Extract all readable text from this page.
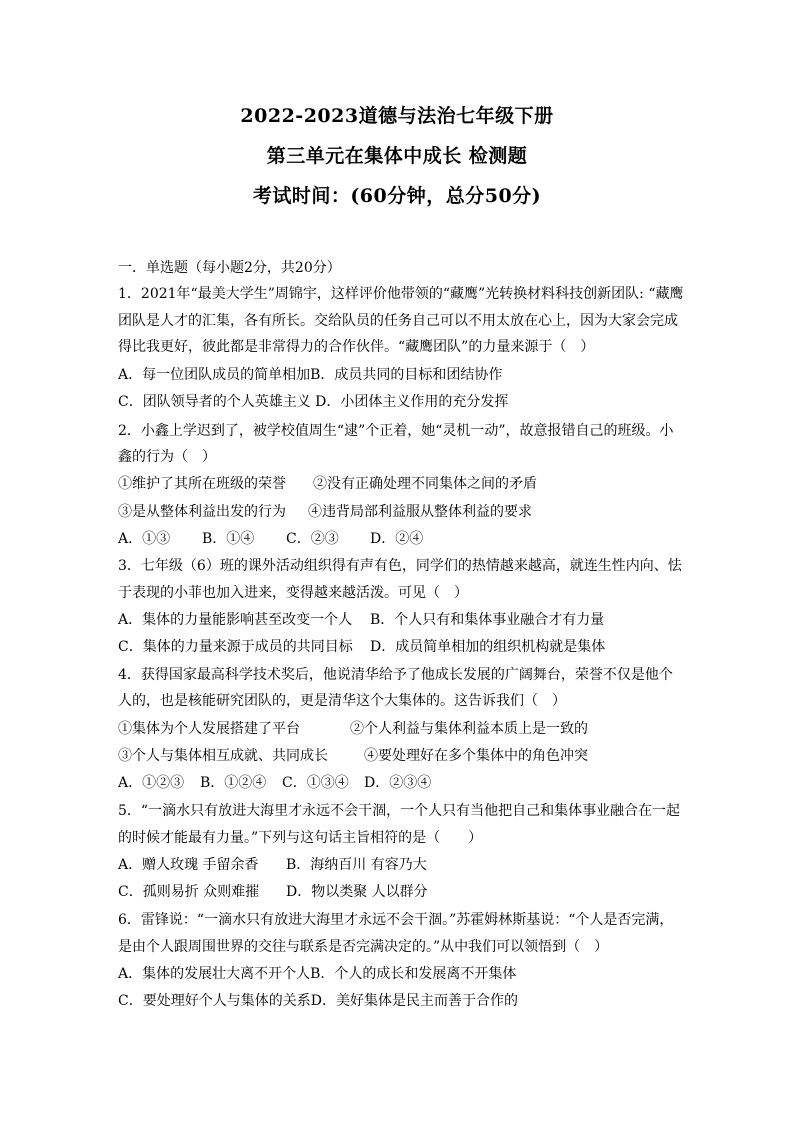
2022-2023道德与法治七年级下册
第三单元在集体中成长 检测题
考试时间：(60分钟，总分50分)
一．单选题（每小题2分，共20分）
1．2021年“最美大学生”周锦宇，这样评价他带领的“藏鹰”光转换材料科技创新团队: “藏鹰
团队是人才的汇集，各有所长。交给队员的任务自己可以不用太放在心上，因为大家会完成
得比我更好，彼此都是非常得力的合作伙伴。“藏鹰团队”的力量来源于（　）
A．每一位团队成员的简单相加B．成员共同的目标和团结协作
C．团队领导者的个人英雄主义 D．小团体主义作用的充分发挥
2．小鑫上学迟到了，被学校值周生“逮”个正着，她“灵机一动”，故意报错自己的班级。小
鑫的行为（　）
①维护了其所在班级的荣誉 ②没有正确处理不同集体之间的矛盾
③是从整体利益出发的行为 ④违背局部利益服从整体利益的要求
A．①③ B．①④ C．②③ D．②④
3．七年级（6）班的课外活动组织得有声有色，同学们的热情越来越高，就连生性内向、怯
于表现的小菲也加入进来，变得越来越活泼。可见（　）
A．集体的力量能影响甚至改变一个人 B．个人只有和集体事业融合才有力量
C．集体的力量来源于成员的共同目标 D．成员简单相加的组织机构就是集体
4．获得国家最高科学技术奖后，他说清华给予了他成长发展的广阔舞台，荣誉不仅是他个
人的，也是核能研究团队的，更是清华这个大集体的。这告诉我们（　）
①集体为个人发展搭建了平台	②个人利益与集体利益本质上是一致的
③个人与集体相互成就、共同成长	④要处理好在多个集体中的角色冲突
A．①②③ B．①②④ C．①③④ D．②③④
5．“一滴水只有放进大海里才永远不会干涸，一个人只有当他把自己和集体事业融合在一起
的时候才能最有力量。”下列与这句话主旨相符的是（　　）
A．赠人玫瑰 手留余香 B．海纳百川 有容乃大
C．孤则易折 众则难摧 D．物以类聚 人以群分
6．雷锋说：“一滴水只有放进大海里才永远不会干涸。”苏霍姆林斯基说：“个人是否完满，
是由个人跟周围世界的交往与联系是否完满决定的。”从中我们可以领悟到（　）
A．集体的发展壮大离不开个人B．个人的成长和发展离不开集体
C．要处理好个人与集体的关系D．美好集体是民主而善于合作的
